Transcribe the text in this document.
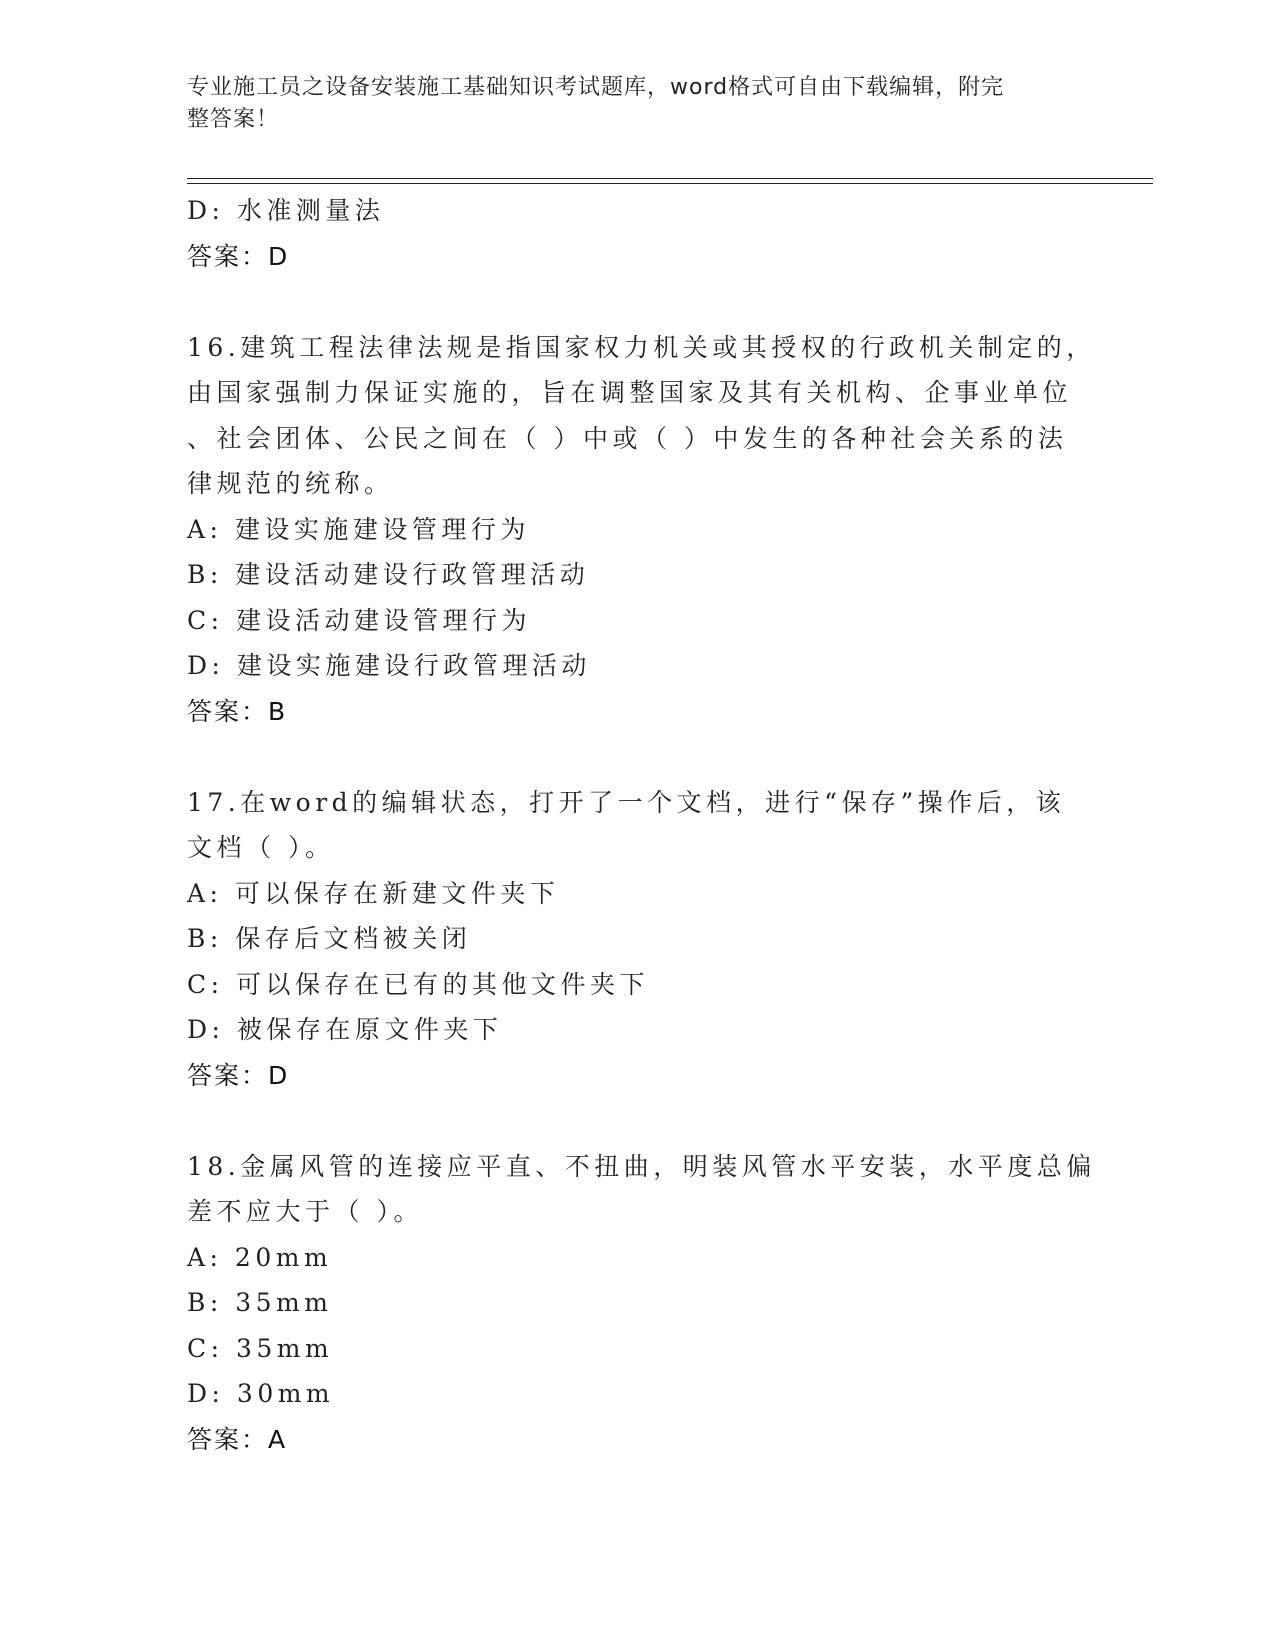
专业施工员之设备安装施工基础知识考试题库，word格式可自由下载编辑，附完
整答案！
D: 水准测量法
答案：D
16.建筑工程法律法规是指国家权力机关或其授权的行政机关制定的，
由国家强制力保证实施的，旨在调整国家及其有关机构、企事业单位
、社会团体、公民之间在（ ）中或（ ）中发生的各种社会关系的法
律规范的统称。
A: 建设实施建设管理行为
B: 建设活动建设行政管理活动
C: 建设活动建设管理行为
D: 建设实施建设行政管理活动
答案：B
17.在word的编辑状态，打开了一个文档，进行“保存”操作后，该
文档（ ）。
A: 可以保存在新建文件夹下
B: 保存后文档被关闭
C: 可以保存在已有的其他文件夹下
D: 被保存在原文件夹下
答案：D
18.金属风管的连接应平直、不扭曲，明装风管水平安装，水平度总偏
差不应大于（ ）。
A: 20mm
B: 35mm
C: 35mm
D: 30mm
答案：A
